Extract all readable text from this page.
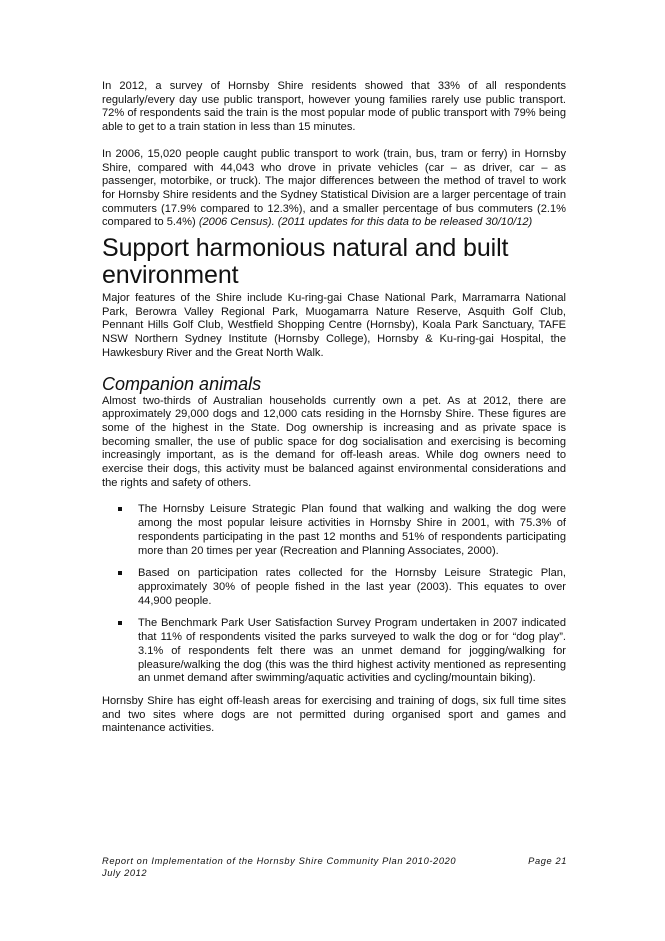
In 2012, a survey of Hornsby Shire residents showed that 33% of all respondents regularly/every day use public transport, however young families rarely use public transport. 72% of respondents said the train is the most popular mode of public transport with 79% being able to get to a train station in less than 15 minutes.

In 2006, 15,020 people caught public transport to work (train, bus, tram or ferry) in Hornsby Shire, compared with 44,043 who drove in private vehicles (car – as driver, car – as passenger, motorbike, or truck). The major differences between the method of travel to work for Hornsby Shire residents and the Sydney Statistical Division are a larger percentage of train commuters (17.9% compared to 12.3%), and a smaller percentage of bus commuters (2.1% compared to 5.4%) (2006 Census). (2011 updates for this data to be released 30/10/12)

Support harmonious natural and built environment

Major features of the Shire include Ku-ring-gai Chase National Park, Marramarra National Park, Berowra Valley Regional Park, Muogamarra Nature Reserve, Asquith Golf Club, Pennant Hills Golf Club, Westfield Shopping Centre (Hornsby), Koala Park Sanctuary, TAFE NSW Northern Sydney Institute (Hornsby College), Hornsby & Ku-ring-gai Hospital, the Hawkesbury River and the Great North Walk.

Companion animals

Almost two-thirds of Australian households currently own a pet. As at 2012, there are approximately 29,000 dogs and 12,000 cats residing in the Hornsby Shire. These figures are some of the highest in the State. Dog ownership is increasing and as private space is becoming smaller, the use of public space for dog socialisation and exercising is becoming increasingly important, as is the demand for off-leash areas. While dog owners need to exercise their dogs, this activity must be balanced against environmental considerations and the rights and safety of others.

The Hornsby Leisure Strategic Plan found that walking and walking the dog were among the most popular leisure activities in Hornsby Shire in 2001, with 75.3% of respondents participating in the past 12 months and 51% of respondents participating more than 20 times per year (Recreation and Planning Associates, 2000).

Based on participation rates collected for the Hornsby Leisure Strategic Plan, approximately 30% of people fished in the last year (2003). This equates to over 44,900 people.

The Benchmark Park User Satisfaction Survey Program undertaken in 2007 indicated that 11% of respondents visited the parks surveyed to walk the dog or for “dog play”. 3.1% of respondents felt there was an unmet demand for jogging/walking for pleasure/walking the dog (this was the third highest activity mentioned as representing an unmet demand after swimming/aquatic activities and cycling/mountain biking).

Hornsby Shire has eight off-leash areas for exercising and training of dogs, six full time sites and two sites where dogs are not permitted during organised sport and games and maintenance activities.

Report on Implementation of the Hornsby Shire Community Plan 2010-2020
July 2012
Page 21
